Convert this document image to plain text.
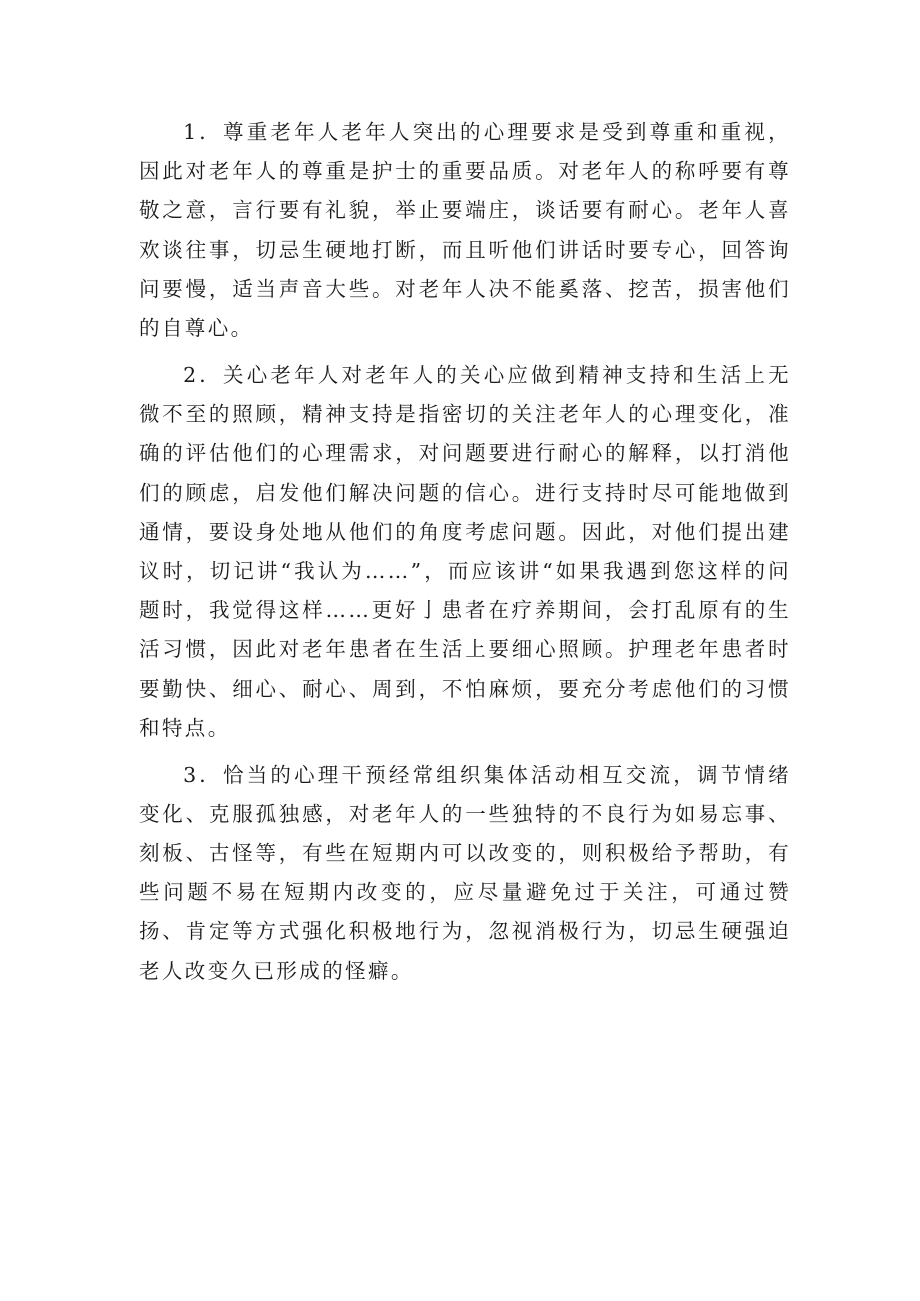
1．尊重老年人老年人突出的心理要求是受到尊重和重视，因此对老年人的尊重是护士的重要品质。对老年人的称呼要有尊敬之意，言行要有礼貌，举止要端庄，谈话要有耐心。老年人喜欢谈往事，切忌生硬地打断，而且听他们讲话时要专心，回答询问要慢，适当声音大些。对老年人决不能奚落、挖苦，损害他们的自尊心。

2．关心老年人对老年人的关心应做到精神支持和生活上无微不至的照顾，精神支持是指密切的关注老年人的心理变化，准确的评估他们的心理需求，对问题要进行耐心的解释，以打消他们的顾虑，启发他们解决问题的信心。进行支持时尽可能地做到通情，要设身处地从他们的角度考虑问题。因此，对他们提出建议时，切记讲“我认为……”，而应该讲“如果我遇到您这样的问题时，我觉得这样……更好亅患者在疗养期间，会打乱原有的生活习惯，因此对老年患者在生活上要细心照顾。护理老年患者时要勤快、细心、耐心、周到，不怕麻烦，要充分考虑他们的习惯和特点。

3．恰当的心理干预经常组织集体活动相互交流，调节情绪变化、克服孤独感，对老年人的一些独特的不良行为如易忘事、刻板、古怪等，有些在短期内可以改变的，则积极给予帮助，有些问题不易在短期内改变的，应尽量避免过于关注，可通过赞扬、肯定等方式强化积极地行为，忽视消极行为，切忌生硬强迫老人改变久已形成的怪癖。
